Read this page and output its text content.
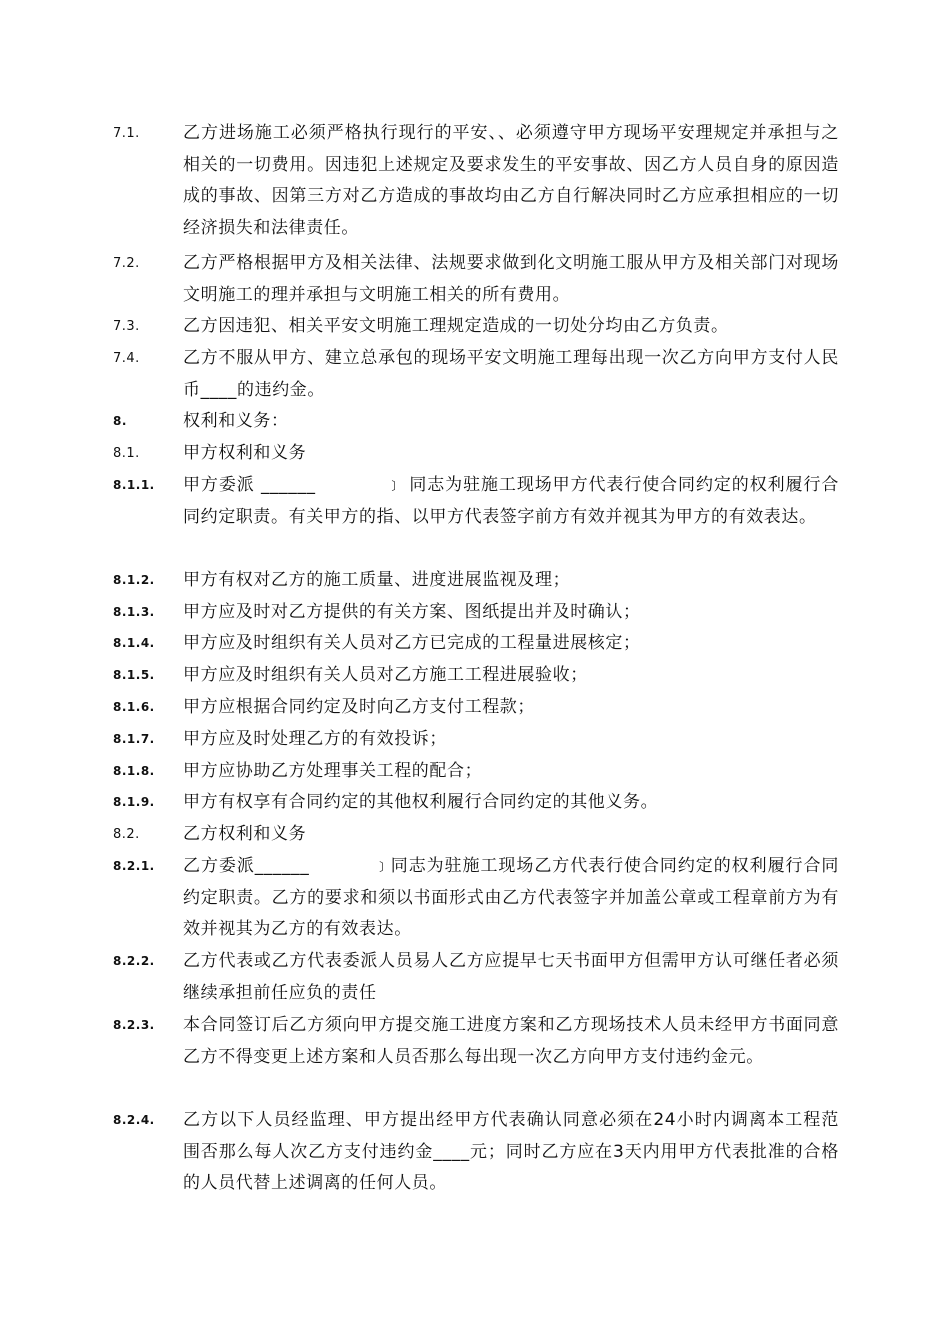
7.1.	乙方进场施工必须严格执行现行的平安、、必须遵守甲方现场平安理规定并承担与之相关的一切费用。因违犯上述规定及要求发生的平安事故、因乙方人员自身的原因造成的事故、因第三方对乙方造成的事故均由乙方自行解决同时乙方应承担相应的一切经济损失和法律责任。
7.2.	乙方严格根据甲方及相关法律、法规要求做到化文明施工服从甲方及相关部门对现场文明施工的理并承担与文明施工相关的所有费用。
7.3.	乙方因违犯、相关平安文明施工理规定造成的一切处分均由乙方负责。
7.4.	乙方不服从甲方、建立总承包的现场平安文明施工理每出现一次乙方向甲方支付人民币____的违约金。
8.	权利和义务：
8.1.	甲方权利和义务
8.1.1. 甲方委派 ______           ﹞ 同志为驻施工现场甲方代表行使合同约定的权利履行合同约定职责。有关甲方的指、以甲方代表签字前方有效并视其为甲方的有效表达。
8.1.2. 甲方有权对乙方的施工质量、进度进展监视及理；
8.1.3. 甲方应及时对乙方提供的有关方案、图纸提出并及时确认；
8.1.4. 甲方应及时组织有关人员对乙方已完成的工程量进展核定；
8.1.5. 甲方应及时组织有关人员对乙方施工工程进展验收；
8.1.6. 甲方应根据合同约定及时向乙方支付工程款；
8.1.7. 甲方应及时处理乙方的有效投诉；
8.1.8. 甲方应协助乙方处理事关工程的配合；
8.1.9. 甲方有权享有合同约定的其他权利履行合同约定的其他义务。
8.2.	乙方权利和义务
8.2.1. 乙方委派______          ﹞同志为驻施工现场乙方代表行使合同约定的权利履行合同约定职责。乙方的要求和须以书面形式由乙方代表签字并加盖公章或工程章前方为有效并视其为乙方的有效表达。
8.2.2. 乙方代表或乙方代表委派人员易人乙方应提早七天书面甲方但需甲方认可继任者必须继续承担前任应负的责任
8.2.3. 本合同签订后乙方须向甲方提交施工进度方案和乙方现场技术人员未经甲方书面同意乙方不得变更上述方案和人员否那么每出现一次乙方向甲方支付违约金元。
8.2.4. 乙方以下人员经监理、甲方提出经甲方代表确认同意必须在24小时内调离本工程范围否那么每人次乙方支付违约金____元；同时乙方应在3天内用甲方代表批准的合格的人员代替上述调离的任何人员。
